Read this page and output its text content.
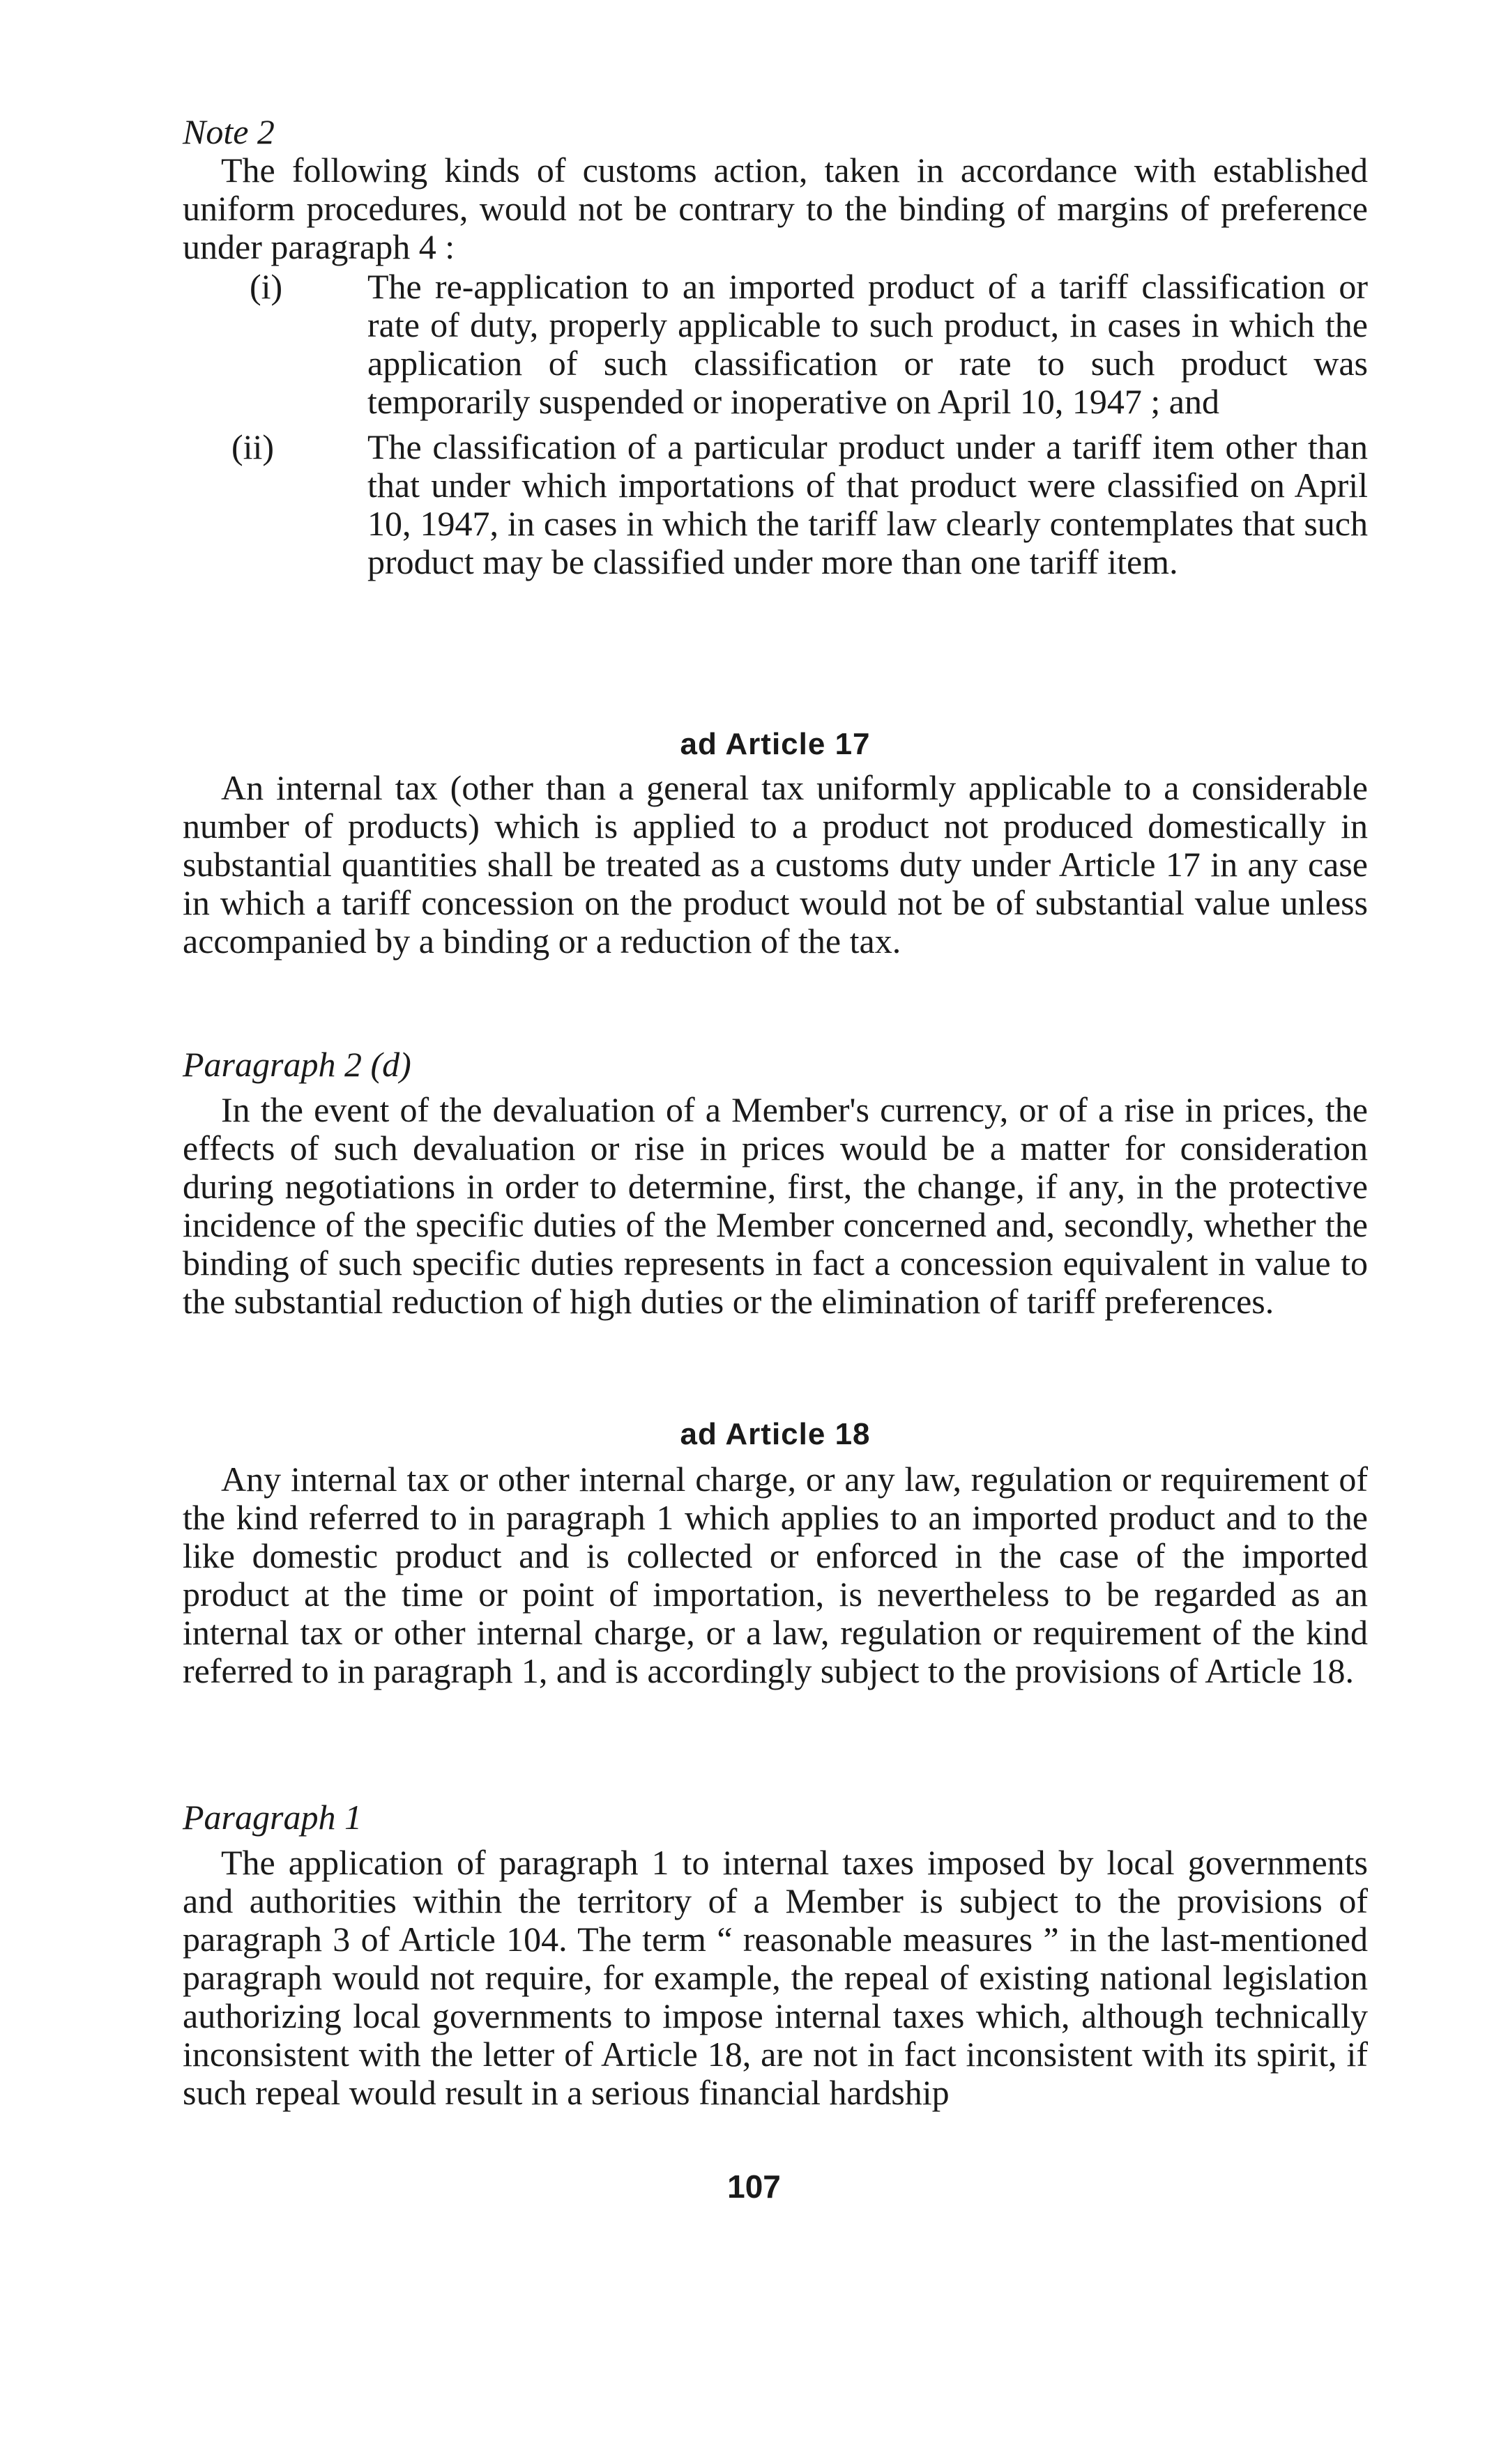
Note 2

The following kinds of customs action, taken in accordance with established uniform procedures, would not be contrary to the binding of margins of preference under paragraph 4 :

(i)	The re-application to an imported product of a tariff classification or rate of duty, properly applicable to such product, in cases in which the application of such classification or rate to such product was temporarily suspended or inoperative on April 10, 1947 ; and
(ii)	The classification of a particular product under a tariff item other than that under which importations of that product were classified on April 10, 1947, in cases in which the tariff law clearly contemplates that such product may be classified under more than one tariff item.

ad Article 17

An internal tax (other than a general tax uniformly applicable to a considerable number of products) which is applied to a product not produced domestically in substantial quantities shall be treated as a customs duty under Article 17 in any case in which a tariff concession on the product would not be of substantial value unless accompanied by a binding or a reduction of the tax.

Paragraph 2 (d)

In the event of the devaluation of a Member's currency, or of a rise in prices, the effects of such devaluation or rise in prices would be a matter for consideration during negotiations in order to determine, first, the change, if any, in the protective incidence of the specific duties of the Member concerned and, secondly, whether the binding of such specific duties represents in fact a concession equivalent in value to the substantial reduction of high duties or the elimination of tariff preferences.

ad Article 18

Any internal tax or other internal charge, or any law, regulation or requirement of the kind referred to in paragraph 1 which applies to an imported product and to the like domestic product and is collected or enforced in the case of the imported product at the time or point of importation, is nevertheless to be regarded as an internal tax or other internal charge, or a law, regulation or requirement of the kind referred to in paragraph 1, and is accordingly subject to the provisions of Article 18.

Paragraph 1

The application of paragraph 1 to internal taxes imposed by local governments and authorities within the territory of a Member is subject to the provisions of paragraph 3 of Article 104. The term “ reasonable measures ” in the last-mentioned paragraph would not require, for example, the repeal of existing national legislation authorizing local governments to impose internal taxes which, although technically inconsistent with the letter of Article 18, are not in fact inconsistent with its spirit, if such repeal would result in a serious financial hardship

107
